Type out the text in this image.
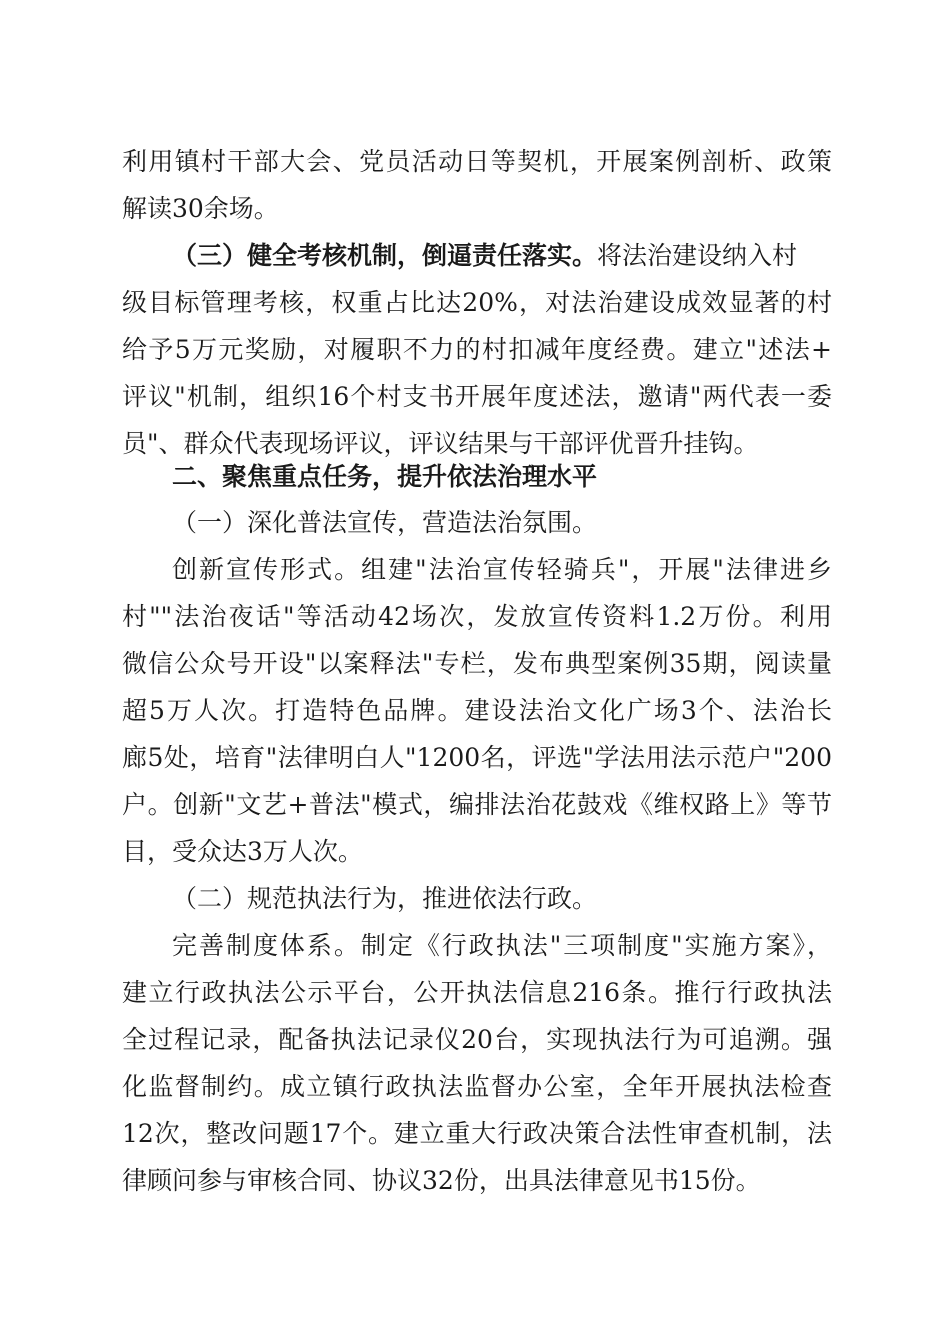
利用镇村干部大会、党员活动日等契机，开展案例剖析、政策
解读30余场。
（三）健全考核机制，倒逼责任落实。将法治建设纳入村
级目标管理考核，权重占比达20%，对法治建设成效显著的村
给予5万元奖励，对履职不力的村扣减年度经费。建立"述法+
评议"机制，组织16个村支书开展年度述法，邀请"两代表一委
员"、群众代表现场评议，评议结果与干部评优晋升挂钩。
二、聚焦重点任务，提升依法治理水平
（一）深化普法宣传，营造法治氛围。
创新宣传形式。组建"法治宣传轻骑兵"，开展"法律进乡
村""法治夜话"等活动42场次，发放宣传资料1.2万份。利用
微信公众号开设"以案释法"专栏，发布典型案例35期，阅读量
超5万人次。打造特色品牌。建设法治文化广场3个、法治长
廊5处，培育"法律明白人"1200名，评选"学法用法示范户"200
户。创新"文艺+普法"模式，编排法治花鼓戏《维权路上》等节
目，受众达3万人次。
（二）规范执法行为，推进依法行政。
完善制度体系。制定《行政执法"三项制度"实施方案》，
建立行政执法公示平台，公开执法信息216条。推行行政执法
全过程记录，配备执法记录仪20台，实现执法行为可追溯。强
化监督制约。成立镇行政执法监督办公室，全年开展执法检查
12次，整改问题17个。建立重大行政决策合法性审查机制，法
律顾问参与审核合同、协议32份，出具法律意见书15份。
